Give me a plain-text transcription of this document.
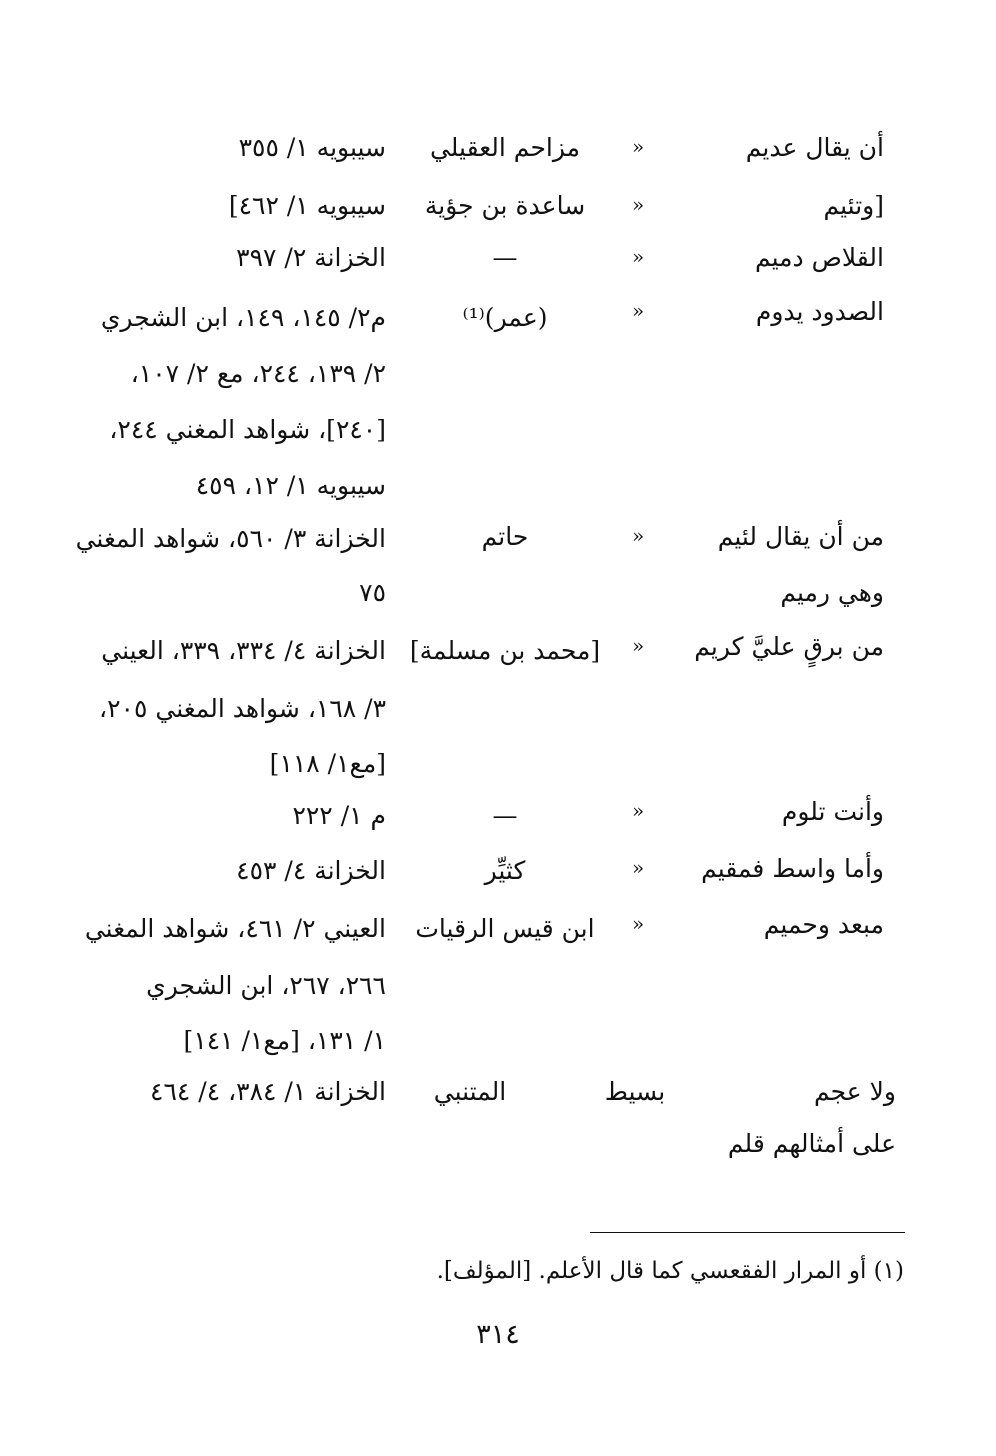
أن يقال عديم
«
مزاحم العقيلي
سيبويه ١/ ٣٥٥
[وتئيم
«
ساعدة بن جؤية
سيبويه ١/ ٤٦٢]
القلاص دميم
«
—
الخزانة ٢/ ٣٩٧
الصدود يدوم
«
(عمر)⁽¹⁾
م٢/ ١٤٥، ١٤٩، ابن الشجري
٢/ ١٣٩، ٢٤٤، مع ٢/ ١٠٧،
[٢٤٠]، شواهد المغني ٢٤٤،
سيبويه ١/ ١٢، ٤٥٩
من أن يقال لئيم
وهي رميم
«
حاتم
الخزانة ٣/ ٥٦٠، شواهد المغني
٧٥
من برقٍ عليَّ كريم
«
[محمد بن مسلمة]
الخزانة ٤/ ٣٣٤، ٣٣٩، العيني
٣/ ١٦٨، شواهد المغني ٢٠٥،
[مع١/ ١١٨]
وأنت تلوم
«
—
م ١/ ٢٢٢
وأما واسط فمقيم
«
كثيِّر
الخزانة ٤/ ٤٥٣
مبعد وحميم
«
ابن قيس الرقيات
العيني ٢/ ٤٦١، شواهد المغني
٢٦٦، ٢٦٧، ابن الشجري
١/ ١٣١، [مع١/ ١٤١]
ولا عجم
على أمثالهم قلم
بسيط
المتنبي
الخزانة ١/ ٣٨٤، ٤/ ٤٦٤
(١) أو المرار الفقعسي كما قال الأعلم. [المؤلف].
٣١٤
